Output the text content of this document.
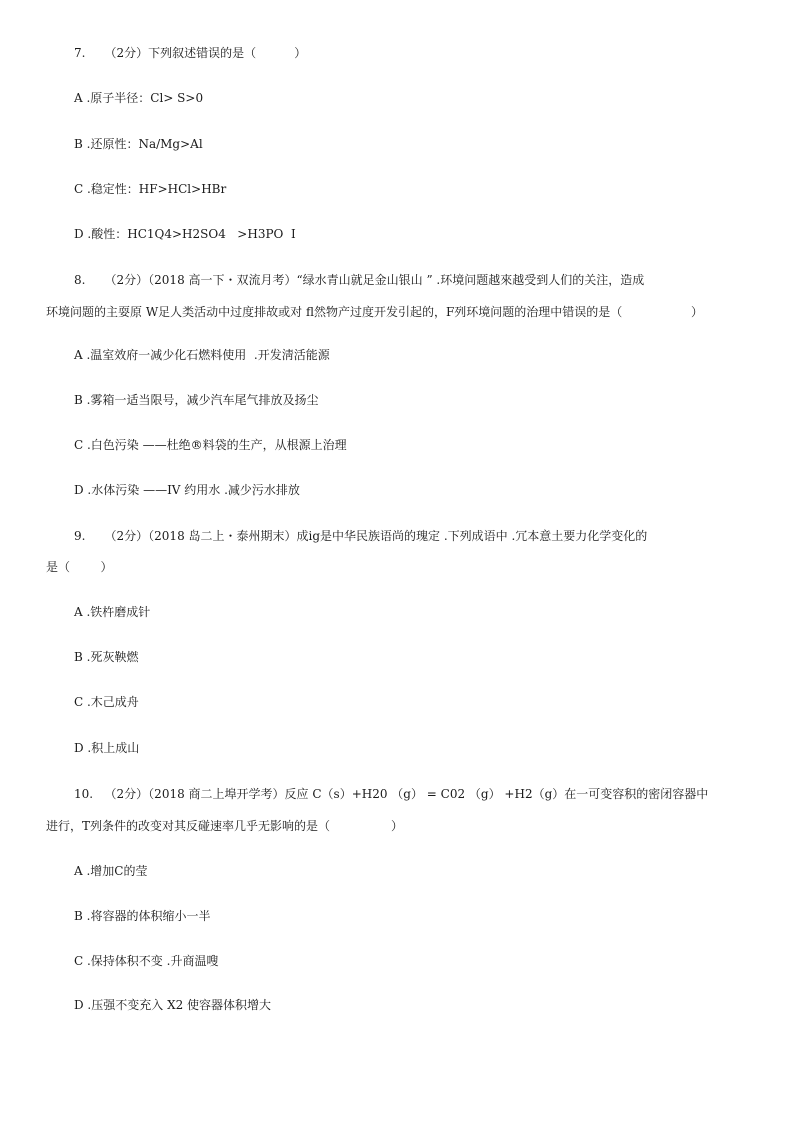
7. （2分）下列叙述错误的是（          ）
A .原子半径：Cl> S>0
B .还原性：Na/Mg>Al
C .稳定性：HF>HCl>HBr
D .酸性：HC1Q4>H2SO4   >H3PO  I
8. （2分）（2018 高一下・双流月考）“绿水青山就足金山银山 ” .环境问题越來越受到人们的关注，造成
环境问题的主耍原 W足人类活动中过度排故或对 fl然物产过度开发引起的，F列环境问题的治理中错误的是（                  ）
A .温室效府一减少化石燃料使用  .开发淸活能源
B .雾箱一适当限号，减少汽车尾气排放及扬尘
C .白色污染 ——杜绝®料袋的生产，从根源上治理
D .水体污染 ——IV 约用水 .减少污水排放
9. （2分）（2018 岛二上・泰州期末）成ig是中华民族语尚的瑰定 .下列成语中 .冗本意土要力化学变化的
是（        ）
A .铁杵磨成针
B .死灰鞅燃
C .木己成舟
D .积上成山
10. （2分）（2018 商二上埠开学考）反应 C（s）+H20 （g） = C02 （g） +H2（g）在一可变容积的密闭容器中
进行，T列条件的改变对其反碰速率几乎无影响的是（                ）
A .增加C的莹
B .将容器的体积缩小一半
C .保持体积不变 .升商温嗖
D .压强不变充入 X2 使容器体积增大
